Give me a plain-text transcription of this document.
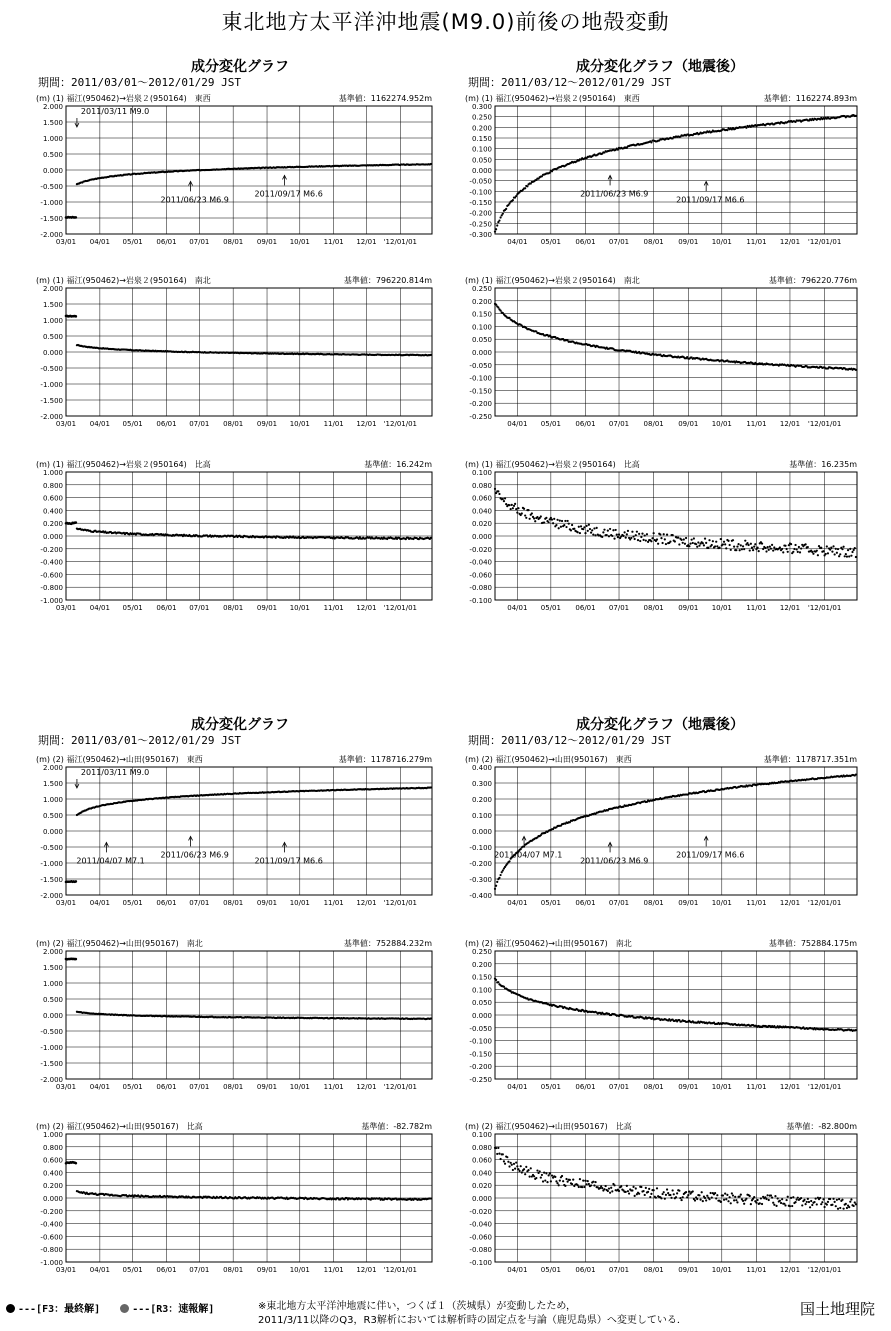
東北地方太平洋沖地震(M9.0)前後の地殻変動
成分変化グラフ
期間：2011/03/01～2012/01/29 JST
成分変化グラフ（地震後）
期間：2011/03/12～2012/01/29 JST
成分変化グラフ
期間：2011/03/01～2012/01/29 JST
成分変化グラフ（地震後）
期間：2011/03/12～2012/01/29 JST
2.000
1.500
1.000
0.500
0.000
-0.500
-1.000
-1.500
-2.000
03/01 04/01 05/01 06/01 07/01 08/01 09/01 10/01 11/01 12/01 '12/01/01
2011/03/11 M9.0
2011/06/23 M6.9
2011/09/17 M6.6
(m) (1) 福江(950462)→岩泉２(950164)　東西	基準値：1162274.952m
0.300
0.250
0.200
0.150
0.100
0.050
0.000
-0.050
-0.100
-0.150
-0.200
-0.250
-0.300
04/01 05/01 06/01 07/01 08/01 09/01 10/01 11/01 12/01 '12/01/01
2011/06/23 M6.9
2011/09/17 M6.6
(m) (1) 福江(950462)→岩泉２(950164)　東西	基準値：1162274.893m
2.000
1.500
1.000
0.500
0.000
-0.500
-1.000
-1.500
-2.000
03/01 04/01 05/01 06/01 07/01 08/01 09/01 10/01 11/01 12/01 '12/01/01
(m) (1) 福江(950462)→岩泉２(950164)　南北	基準値：796220.814m
0.250
0.200
0.150
0.100
0.050
0.000
-0.050
-0.100
-0.150
-0.200
-0.250
04/01 05/01 06/01 07/01 08/01 09/01 10/01 11/01 12/01 '12/01/01
(m) (1) 福江(950462)→岩泉２(950164)　南北	基準値：796220.776m
1.000
0.800
0.600
0.400
0.200
0.000
-0.200
-0.400
-0.600
-0.800
-1.000
03/01 04/01 05/01 06/01 07/01 08/01 09/01 10/01 11/01 12/01 '12/01/01
(m) (1) 福江(950462)→岩泉２(950164)　比高	基準値：16.242m
0.100
0.080
0.060
0.040
0.020
0.000
-0.020
-0.040
-0.060
-0.080
-0.100
04/01 05/01 06/01 07/01 08/01 09/01 10/01 11/01 12/01 '12/01/01
(m) (1) 福江(950462)→岩泉２(950164)　比高	基準値：16.235m
2.000
1.500
1.000
0.500
0.000
-0.500
-1.000
-1.500
-2.000
03/01 04/01 05/01 06/01 07/01 08/01 09/01 10/01 11/01 12/01 '12/01/01
2011/03/11 M9.0
2011/04/07 M7.1
2011/06/23 M6.9
2011/09/17 M6.6
(m) (2) 福江(950462)→山田(950167)　東西	基準値：1178716.279m
0.400
0.300
0.200
0.100
0.000
-0.100
-0.200
-0.300
-0.400
04/01 05/01 06/01 07/01 08/01 09/01 10/01 11/01 12/01 '12/01/01
2011/04/07 M7.1
2011/06/23 M6.9
2011/09/17 M6.6
(m) (2) 福江(950462)→山田(950167)　東西	基準値：1178717.351m
2.000
1.500
1.000
0.500
0.000
-0.500
-1.000
-1.500
-2.000
03/01 04/01 05/01 06/01 07/01 08/01 09/01 10/01 11/01 12/01 '12/01/01
(m) (2) 福江(950462)→山田(950167)　南北	基準値：752884.232m
0.250
0.200
0.150
0.100
0.050
0.000
-0.050
-0.100
-0.150
-0.200
-0.250
04/01 05/01 06/01 07/01 08/01 09/01 10/01 11/01 12/01 '12/01/01
(m) (2) 福江(950462)→山田(950167)　南北	基準値：752884.175m
1.000
0.800
0.600
0.400
0.200
0.000
-0.200
-0.400
-0.600
-0.800
-1.000
03/01 04/01 05/01 06/01 07/01 08/01 09/01 10/01 11/01 12/01 '12/01/01
(m) (2) 福江(950462)→山田(950167)　比高	基準値：-82.782m
0.100
0.080
0.060
0.040
0.020
0.000
-0.020
-0.040
-0.060
-0.080
-0.100
04/01 05/01 06/01 07/01 08/01 09/01 10/01 11/01 12/01 '12/01/01
(m) (2) 福江(950462)→山田(950167)　比高	基準値：-82.800m
---[F3：最終解]	---[R3：速報解]	※東北地方太平洋沖地震に伴い，つくば１（茨城県）が変動したため，
2011/3/11以降のQ3，R3解析においては解析時の固定点を与論（鹿児島県）へ変更している．
国土地理院
